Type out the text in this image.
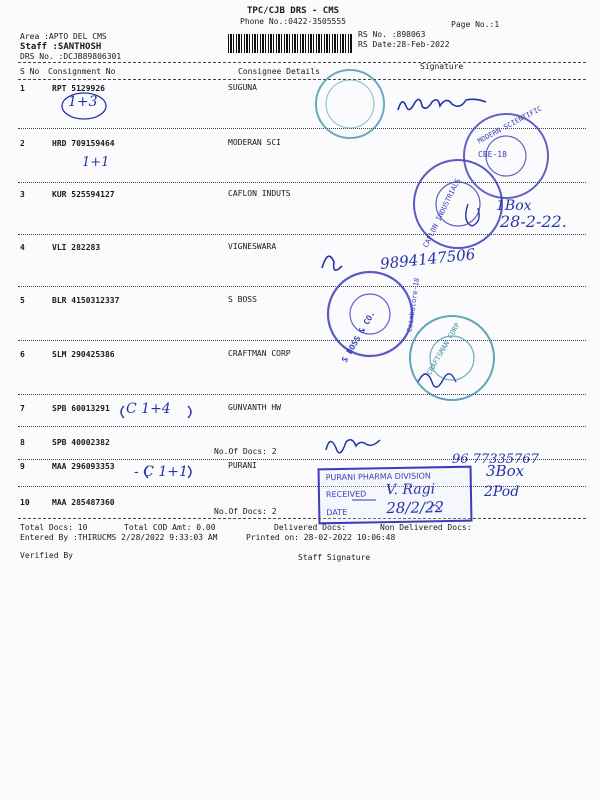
Area :APTO DEL CMS
Staff :SANTHOSH
DRS No. :DCJB89806301
TPC/CJB DRS - CMS
Phone No.:0422-3505555
RS No. :898063
RS Date:28-Feb-2022
Page No.:1
S No Consignment No	Consignee Details
Signature
1	RPT 5129926	SUGUNA
2	HRD 709159464	MODERAN SCI
3	KUR 525594127	CAFLON INDUTS
4	VLI 282283	VIGNESWARA
5	BLR 4150312337	S BOSS
6	SLM 290425386	CRAFTMAN CORP
7	SPB 60013291	GUNVANTH HW
8	SPB 40002382
No.Of Docs: 2
9	MAA 296093353	PURANI
10	MAA 285487360
No.Of Docs: 2
Total Docs: 10	Total COD Amt: 0.00	Delivered Docs:	Non Delivered Docs:
Entered By :THIRUCMS 2/28/2022 9:33:03 AM	Printed on: 28-02-2022 10:06:48
Verified By	Staff Signature
1+3
1+1
C 1+4
- C 1+1
9894147506
96 77335767
1Box
28-2-22.
3Box
2Pod
CBE-18
MODERN SCIENTIFIC
CAFLON INDUSTRIALS
S BOSS & CO.
Coimbatore-18
CRAFTSMAN CORP
PURANI PHARMA DIVISION
RECEIVED V. Ragi
DATE	28/2/22
